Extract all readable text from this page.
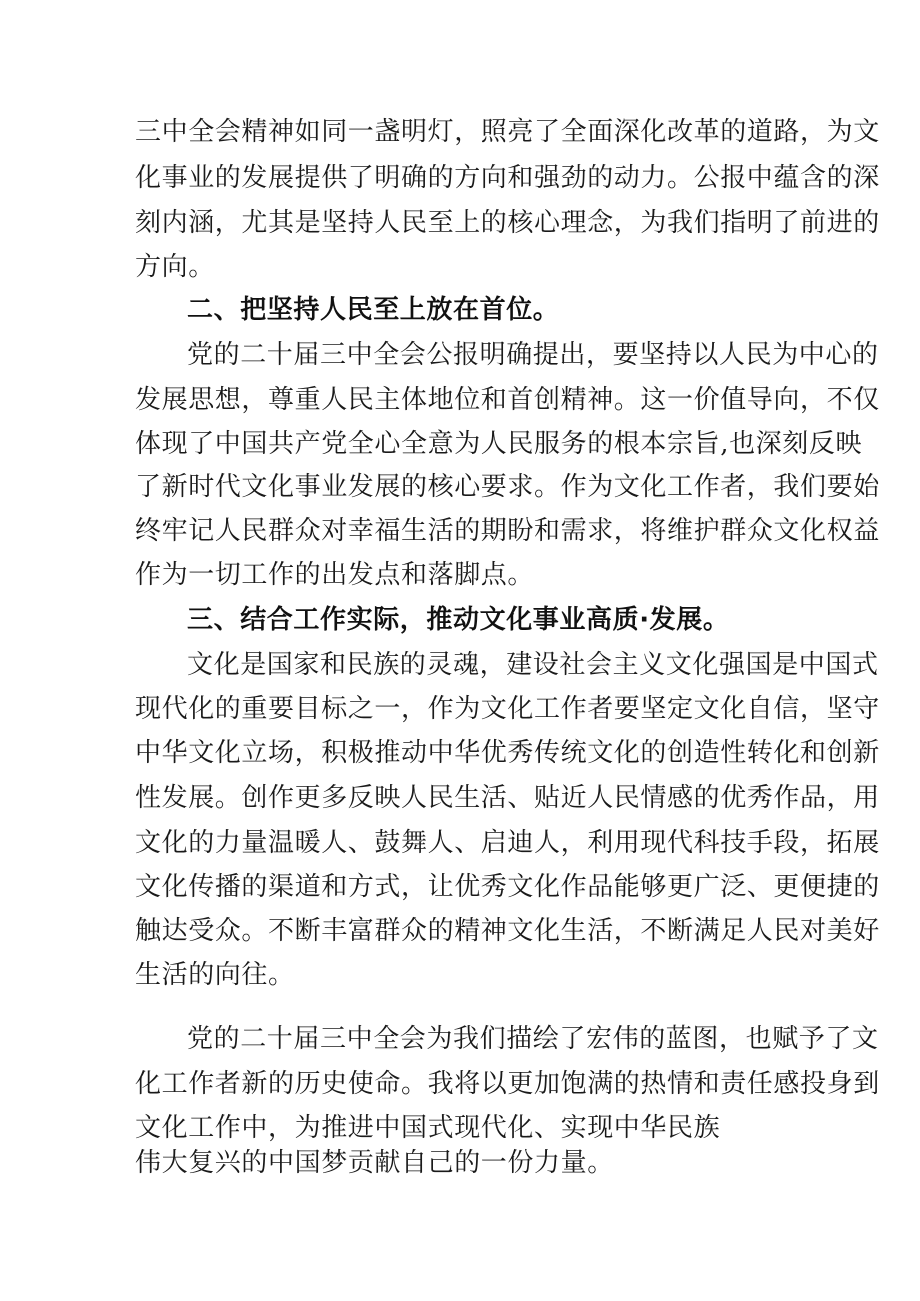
三中全会精神如同一盏明灯，照亮了全面深化改革的道路，为文
化事业的发展提供了明确的方向和强劲的动力。公报中蕴含的深
刻内涵，尤其是坚持人民至上的核心理念，为我们指明了前进的
方向。
二、把坚持人民至上放在首位。
党的二十届三中全会公报明确提出，要坚持以人民为中心的
发展思想，尊重人民主体地位和首创精神。这一价值导向，不仅
体现了中国共产党全心全意为人民服务的根本宗旨,也深刻反映
了新时代文化事业发展的核心要求。作为文化工作者，我们要始
终牢记人民群众对幸福生活的期盼和需求，将维护群众文化权益
作为一切工作的出发点和落脚点。
三、结合工作实际，推动文化事业高质·发展。
文化是国家和民族的灵魂，建设社会主义文化强国是中国式
现代化的重要目标之一，作为文化工作者要坚定文化自信，坚守
中华文化立场，积极推动中华优秀传统文化的创造性转化和创新
性发展。创作更多反映人民生活、贴近人民情感的优秀作品，用
文化的力量温暖人、鼓舞人、启迪人，利用现代科技手段，拓展
文化传播的渠道和方式，让优秀文化作品能够更广泛、更便捷的
触达受众。不断丰富群众的精神文化生活，不断满足人民对美好
生活的向往。
党的二十届三中全会为我们描绘了宏伟的蓝图，也赋予了文
化工作者新的历史使命。我将以更加饱满的热情和责任感投身到
文化工作中，为推进中国式现代化、实现中华民族
伟大复兴的中国梦贡献自己的一份力量。
